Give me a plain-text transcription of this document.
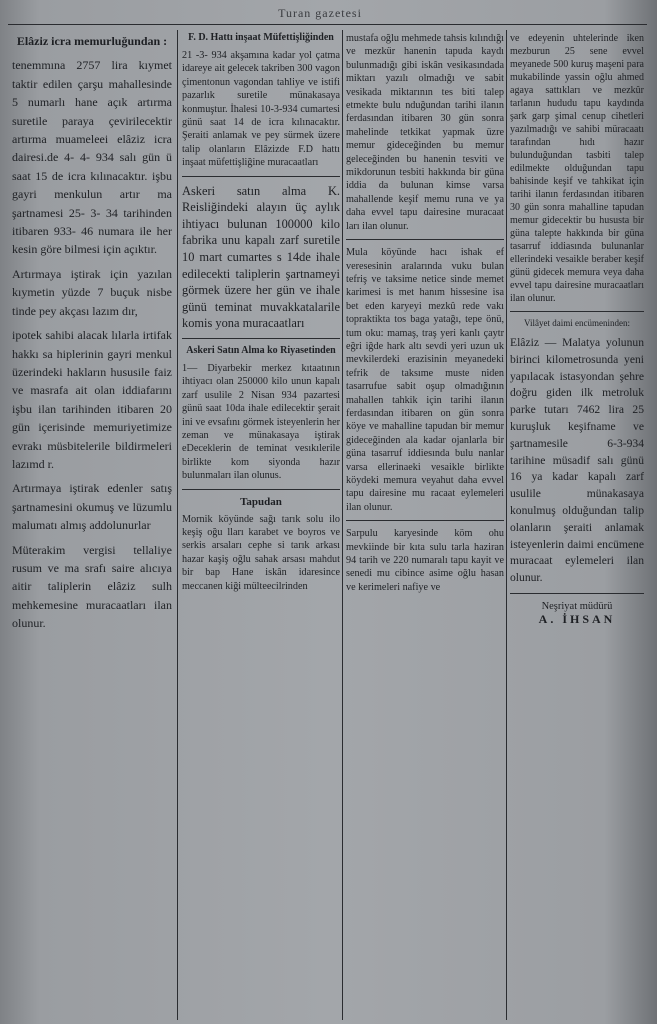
Turan gazetesi

Elâziz icra memurluğundan :

tenemmına 2757 lira kıymet taktir edilen çarşu mahallesinde 5 numarlı hane açık artırma suretile paraya çevirilecektir artırma muameleei elâziz icra dairesi.de 4- 4- 934 salı gün ü saat 15 de icra kılınacaktır. işbu gayri menkulun artır ma şartnamesi 25- 3- 34 tarihinden itibaren 933- 46 numara ile her kesin göre bilmesi için açıktır.

Artırmaya iştirak için yazılan kıymetin yüzde 7 buçuk nisbe tinde pey akçası lazım dır,

ipotek sahibi alacak lılarla irtifak hakkı sa hiplerinin gayri menkul üzerindeki hakların hususile faiz ve masrafa ait olan iddiafarını işbu ilan tarihinden itibaren 20 gün içerisinde memuriyetimize evrakı müsbitelerile bildirmeleri lazımd r.

Artırmaya iştirak edenler satış şartnamesini okumuş ve lüzumlu malumatı almış addolunurlar

Müterakim vergisi tellaliye rusum ve ma srafı saire alıcıya aitir taliplerin elâziz sulh mehkemesine muracaatları ilan olunur.

F. D. Hattı inşaat Müfettişliğinden

21 -3- 934 akşamına kadar yol çatma idareye ait gelecek takriben 300 vagon çimentonun vagondan tahliye ve istifi pazarlık suretile münakasaya konmuştur. İhalesi 10-3-934 cumartesi günü saat 14 de icra kılınacaktır. Şeraiti anlamak ve pey sürmek üzere talip olanların Elâzizde F.D hattı inşaat müfettişliğine muracaatları

Askeri satın alma K. Reisliğindeki alayın üç aylık ihtiyacı bulunan 100000 kilo fabrika unu kapalı zarf suretile 10 mart cumartes s 14de ihale edilecekti taliplerin şartnameyi görmek üzere her gün ve ihale günü teminat muvakkatalarile komis yona muracaatları

Askeri Satın Alma ko Riyasetinden

1— Diyarbekir merkez kıtaatının ihtiyacı olan 250000 kilo unun kapalı zarf usulile 2 Nisan 934 pazartesi günü saat 10da ihale edilecektir şerait ini ve evsafını görmek isteyenlerin her zeman ve münakasaya iştirak eDeceklerin de teminat vesıkılerile birlikte kom siyonda hazır bulunmaları ilan olunus.

Tapudan

Mornik köyünde sağı tarık solu ilo keşiş oğu lları karabet ve boyros ve serkis arsaları cephe si tarık arkası hazar kaşiş oğlu sahak arsası mahdut bir bap Hane iskân idaresince meccanen kiği mülteecilrinden

mustafa oğlu mehmede tahsis kılındığı ve mezkür hanenin tapuda kaydı bulunmadığı gibi iskân vesikasındada miktarı yazılı olmadığı ve sabit vesikada miktarının tes biti talep etmekte bulu nduğundan tarihi ilanın ferdasından itibaren 30 gün sonra mahelinde tetkikat yapmak üzre memur gideceğinden bu memur geleceğinden bu hanenin tesviti ve mikdorunun tesbiti hakkında bir güna iddia da bulunan kimse varsa mahallende keşif memu runa ve ya daha evvel tapu dairesine muracaat ları ilan olunur.

Mula köyünde hacı ishak ef veresesinin aralarında vuku bulan tefriş ve taksime netice sinde memet karimesi is met hanım hissesine isa bet eden karyeyi mezkû rede vakı topraktikta tos baga yatağı, tepe önü, tum oku: mamaş, traş yeri kanlı çaytr eğri iğde hark altı sevdi yeri uzun uk mevkilerdeki erazisinin meyanedeki tefrik de taksıme muste niden tasarrufue sabit oşup olmadığının mahallen tahkik için tarihi ilanın ferdasından itibaren on gün sonra köye ve mahalline tapudan bir memur gideceğinden ala kadar ojanlarla bir güna tasarruf iddiesında bulu nanlar varsa ellerinaeki vesaikle birlikte köydeki memura veyahut daha evvel tapu dairesine mu racaat eylemeleri ilan olunur.

Sarpulu karyesinde köm ohu mevkiinde bir kıta sulu tarla haziran 94 tarih ve 220 numaralı tapu kayit ve senedi mu cibince asime oğlu hasan ve kerimeleri nafiye ve

ve edeyenin uhtelerinde iken mezburun 25 sene evvel meyanede 500 kuruş maşeni para mukabilinde yassin oğlu ahmed agaya sattıkları ve mezkûr tarlanın hududu tapu kaydında şark garp şimal cenup cihetleri yazılmadığı ve sahibi müracaatı tarafından hıdı hazır bulunduğundan tasbiti talep edilmekte olduğundan tapu bahisinde keşif ve tahkikat için tarihi ilanın ferdasından itibaren 30 gün sonra mahalline tapudan memur gidecektir bu hususta bir güna talepte hakkında bir güna tasarruf iddiasında bulunanlar ellerindeki vesaikle beraber keşif günü gidecek memura veya daha evvel tapu dairesine muracaatları ilan olunur.

Vilâyet daimi encümeninden:

Elâziz — Malatya yolunun birinci kilometrosunda yeni yapılacak istasyondan şehre doğru giden ilk metroluk parke tutarı 7462 lira 25 kuruşluk keşifname ve şartnamesile 6-3-934 tarihine müsadif salı günü 16 ya kadar kapalı zarf usulile münakasaya konulmuş olduğundan talip olanların şeraiti anlamak isteyenlerin daimi encümene muracaat eylemeleri ilan olunur.

Neşriyat müdürü
A. İHSAN
